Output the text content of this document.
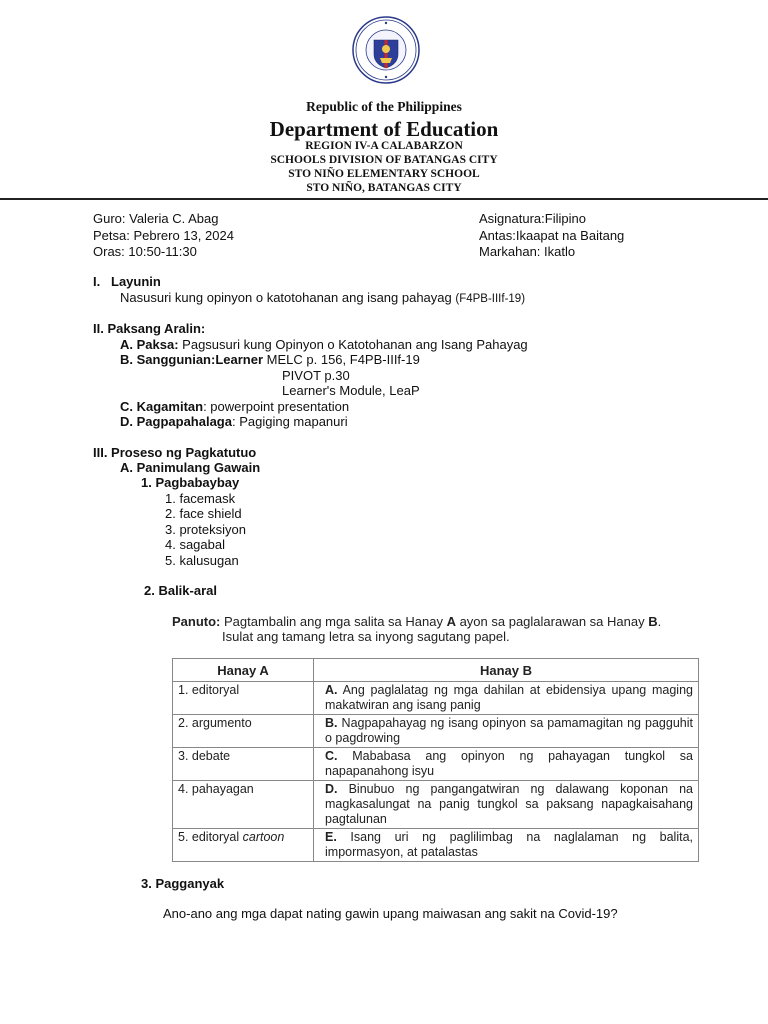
Republic of the Philippines
Department of Education
REGION IV-A CALABARZON
SCHOOLS DIVISION OF BATANGAS CITY
STO NIÑO ELEMENTARY SCHOOL
STO NIÑO, BATANGAS CITY
Guro: Valeria C. Abag
Petsa: Pebrero 13, 2024
Oras: 10:50-11:30
Asignatura:Filipino
Antas:Ikaapat na Baitang
Markahan: Ikatlo
I. Layunin
Nasusuri kung opinyon o katotohanan ang isang pahayag (F4PB-IIIf-19)
II. Paksang Aralin:
A. Paksa: Pagsusuri kung Opinyon o Katotohanan ang Isang Pahayag
B. Sanggunian:Learner MELC p. 156, F4PB-IIIf-19
PIVOT p.30
Learner's Module, LeaP
C. Kagamitan: powerpoint presentation
D. Pagpapahalaga: Pagiging mapanuri
III. Proseso ng Pagkatutuo
A. Panimulang Gawain
1. Pagbabaybay
1. facemask
2. face shield
3. proteksiyon
4. sagabal
5. kalusugan
2. Balik-aral
Panuto: Pagtambalin ang mga salita sa Hanay A ayon sa paglalarawan sa Hanay B.
Isulat ang tamang letra sa inyong sagutang papel.
Hanay A	Hanay B
1. editoryal	A. Ang paglalatag ng mga dahilan at ebidensiya upang maging makatwiran ang isang panig
2. argumento	B. Nagpapahayag ng isang opinyon sa pamamagitan ng pagguhit o pagdrowing
3. debate	C. Mababasa ang opinyon ng pahayagan tungkol sa napapanahong isyu
4. pahayagan	D. Binubuo ng pangangatwiran ng dalawang koponan na magkasalungat na panig tungkol sa paksang napagkaisahang pagtalunan
5. editoryal cartoon	E. Isang uri ng paglilimbag na naglalaman ng balita, impormasyon, at patalastas
3. Pagganyak
Ano-ano ang mga dapat nating gawin upang maiwasan ang sakit na Covid-19?
